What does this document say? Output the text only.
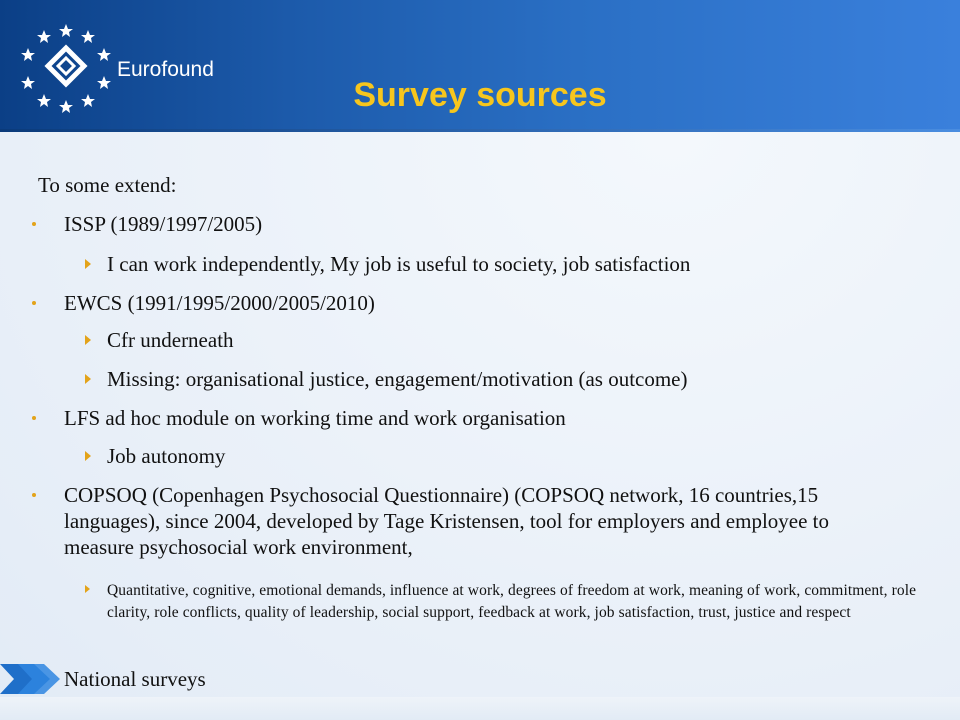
Eurofound
Survey sources

To some extend:

ISSP (1989/1997/2005)

I can work independently, My job is useful to society, job satisfaction

EWCS (1991/1995/2000/2005/2010)

Cfr underneath

Missing: organisational justice, engagement/motivation (as outcome)

LFS ad hoc module on working time and work organisation

Job autonomy

COPSOQ (Copenhagen Psychosocial Questionnaire) (COPSOQ network, 16 countries,15 languages), since 2004, developed by Tage Kristensen, tool for employers and employee to measure psychosocial work environment,

Quantitative, cognitive, emotional demands, influence at work, degrees of freedom at work, meaning of work, commitment, role clarity, role conflicts, quality of leadership, social support, feedback at work, job satisfaction, trust, justice and respect

National surveys
